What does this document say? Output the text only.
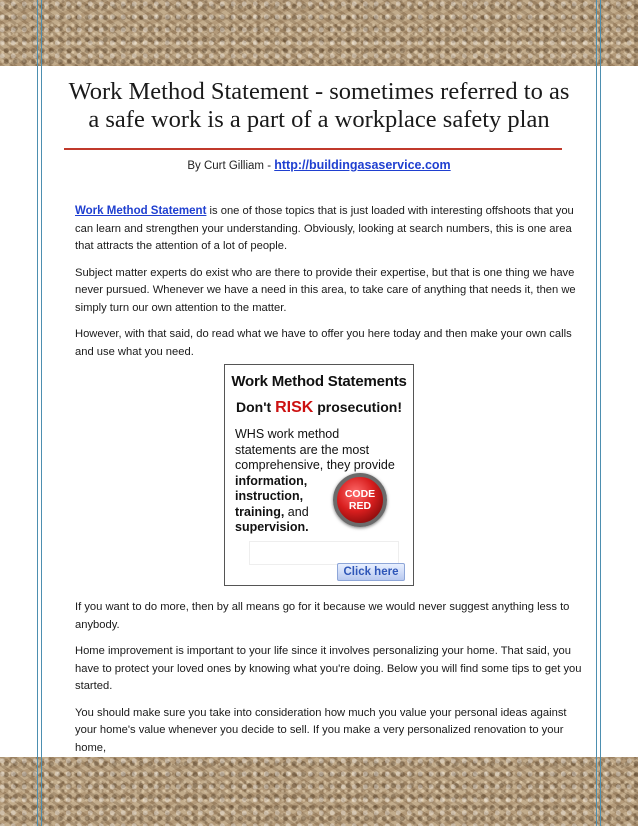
Work Method Statement - sometimes referred to as a safe work is a part of a workplace safety plan
By Curt Gilliam - http://buildingasaservice.com

Work Method Statement is one of those topics that is just loaded with interesting offshoots that you can learn and strengthen your understanding. Obviously, looking at search numbers, this is one area that attracts the attention of a lot of people.

Subject matter experts do exist who are there to provide their expertise, but that is one thing we have never pursued. Whenever we have a need in this area, to take care of anything that needs it, then we simply turn our own attention to the matter.

However, with that said, do read what we have to offer you here today and then make your own calls and use what you need.

Work Method Statements
Don't RISK prosecution!
WHS work method statements are the most comprehensive, they provide
information,
instruction,
training, and
supervision.
CODE
RED
Click here

If you want to do more, then by all means go for it because we would never suggest anything less to anybody.

Home improvement is important to your life since it involves personalizing your home. That said, you have to protect your loved ones by knowing what you're doing. Below you will find some tips to get you started.

You should make sure you take into consideration how much you value your personal ideas against your home's value whenever you decide to sell. If you make a very personalized renovation to your home,
